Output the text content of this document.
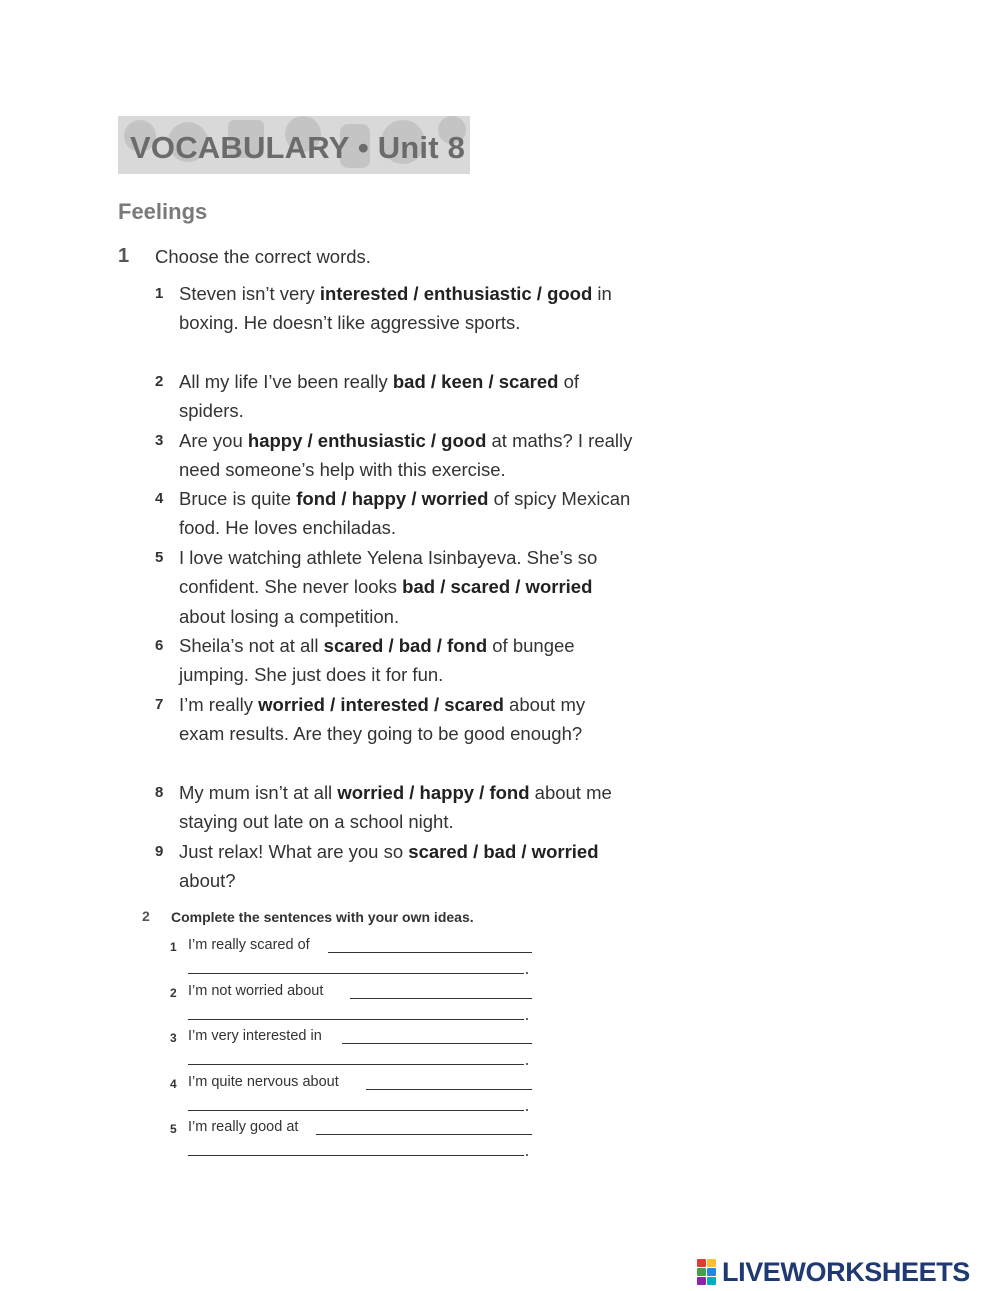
VOCABULARY • Unit 8
Feelings
1 Choose the correct words.
1 Steven isn’t very interested / enthusiastic / good in boxing. He doesn’t like aggressive sports.
2 All my life I’ve been really bad / keen / scared of spiders.
3 Are you happy / enthusiastic / good at maths? I really need someone’s help with this exercise.
4 Bruce is quite fond / happy / worried of spicy Mexican food. He loves enchiladas.
5 I love watching athlete Yelena Isinbayeva. She’s so confident. She never looks bad / scared / worried about losing a competition.
6 Sheila’s not at all scared / bad / fond of bungee jumping. She just does it for fun.
7 I’m really worried / interested / scared about my exam results. Are they going to be good enough?
8 My mum isn’t at all worried / happy / fond about me staying out late on a school night.
9 Just relax! What are you so scared / bad / worried about?
2 Complete the sentences with your own ideas.
1 I’m really scared of
2 I’m not worried about
3 I’m very interested in
4 I’m quite nervous about
5 I’m really good at
LIVEWORKSHEETS
